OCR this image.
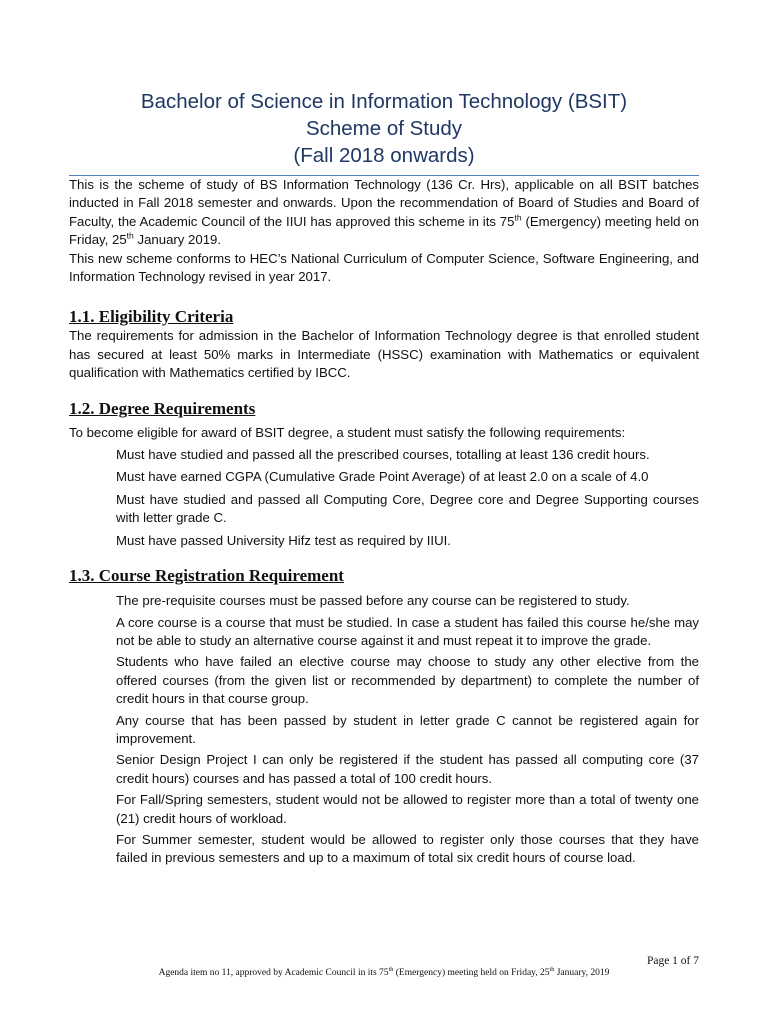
Bachelor of Science in Information Technology (BSIT)
Scheme of Study
(Fall 2018 onwards)

This is the scheme of study of BS Information Technology (136 Cr. Hrs), applicable on all BSIT batches inducted in Fall 2018 semester and onwards. Upon the recommendation of Board of Studies and Board of Faculty, the Academic Council of the IIUI has approved this scheme in its 75th (Emergency) meeting held on Friday, 25th January 2019.

This new scheme conforms to HEC’s National Curriculum of Computer Science, Software Engineering, and Information Technology revised in year 2017.

1.1. Eligibility Criteria

The requirements for admission in the Bachelor of Information Technology degree is that enrolled student has secured at least 50% marks in Intermediate (HSSC) examination with Mathematics or equivalent qualification with Mathematics certified by IBCC.

1.2. Degree Requirements

To become eligible for award of BSIT degree, a student must satisfy the following requirements:

Must have studied and passed all the prescribed courses, totalling at least 136 credit hours.
Must have earned CGPA (Cumulative Grade Point Average) of at least 2.0 on a scale of 4.0
Must have studied and passed all Computing Core, Degree core and Degree Supporting courses with letter grade C.
Must have passed University Hifz test as required by IIUI.
1.3. Course Registration Requirement
The pre-requisite courses must be passed before any course can be registered to study.
A core course is a course that must be studied. In case a student has failed this course he/she may not be able to study an alternative course against it and must repeat it to improve the grade.
Students who have failed an elective course may choose to study any other elective from the offered courses (from the given list or recommended by department) to complete the number of credit hours in that course group.
Any course that has been passed by student in letter grade C cannot be registered again for improvement.
Senior Design Project I can only be registered if the student has passed all computing core (37 credit hours) courses and has passed a total of 100 credit hours.
For Fall/Spring semesters, student would not be allowed to register more than a total of twenty one (21) credit hours of workload.
For Summer semester, student would be allowed to register only those courses that they have failed in previous semesters and up to a maximum of total six credit hours of course load.
Page 1 of 7
Agenda item no 11, approved by Academic Council in its 75th (Emergency) meeting held on Friday, 25th January, 2019
